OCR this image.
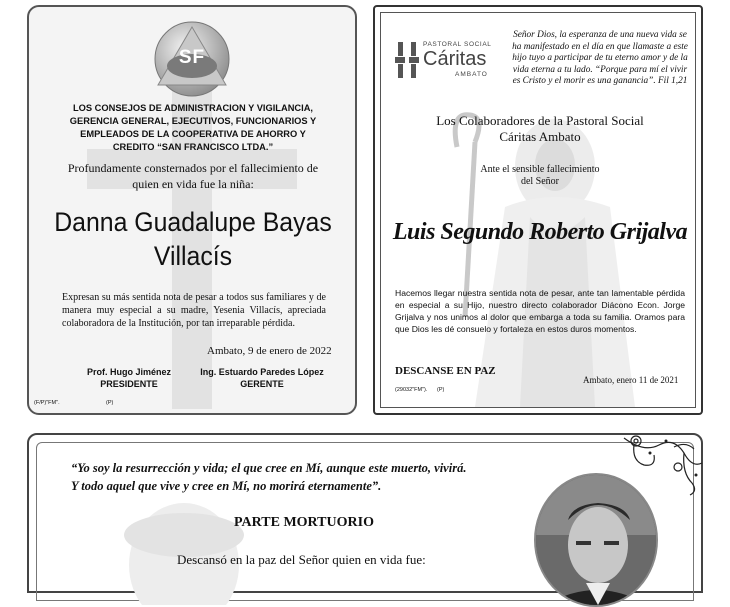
SF
LOS CONSEJOS DE ADMINISTRACION Y VIGILANCIA, GERENCIA GENERAL, EJECUTIVOS, FUNCIONARIOS Y EMPLEADOS DE LA COOPERATIVA DE AHORRO Y CREDITO “SAN FRANCISCO LTDA.”
Profundamente consternados por el fallecimiento de
quien en vida fue la niña:
Danna Guadalupe Bayas
Villacís
Expresan su más sentida nota de pesar a todos sus familiares y de manera muy especial a su madre, Yesenia Villacís, apreciada colaboradora de la Institución, por tan irreparable pérdida.
Ambato, 9 de enero de 2022
Prof. Hugo Jiménez
PRESIDENTE
Ing. Estuardo Paredes López
GERENTE
(F/P)"FM".	(P)
PASTORAL SOCIAL
Cáritas
AMBATO
Señor Dios, la esperanza de una nueva vida se ha manifestado en el día en que llamaste a este hijo tuyo a participar de tu eterno amor y de la vida eterna a tu lado. “Porque para mí el vivir es Cristo y el morir es una ganancia”. Fil 1,21
Los Colaboradores de la Pastoral Social
Cáritas Ambato
Ante el sensible fallecimiento
del Señor
Luis Segundo Roberto Grijalva
Hacemos llegar nuestra sentida nota de pesar, ante tan lamentable pérdida en especial a su Hijo, nuestro directo colaborador Diácono Econ. Jorge Grijalva y nos unimos al dolor que embarga a toda su familia. Oramos para que Dios les dé consuelo y fortaleza en estos duros momentos.
DESCANSE EN PAZ
Ambato, enero 11 de 2021
(29032"FM"). (P)
“Yo soy la resurrección y vida; el que cree en Mí, aunque este muerto, vivirá.
Y todo aquel que vive y cree en Mí, no morirá eternamente”.
PARTE MORTUORIO
Descansó en la paz del Señor quien en vida fue:
